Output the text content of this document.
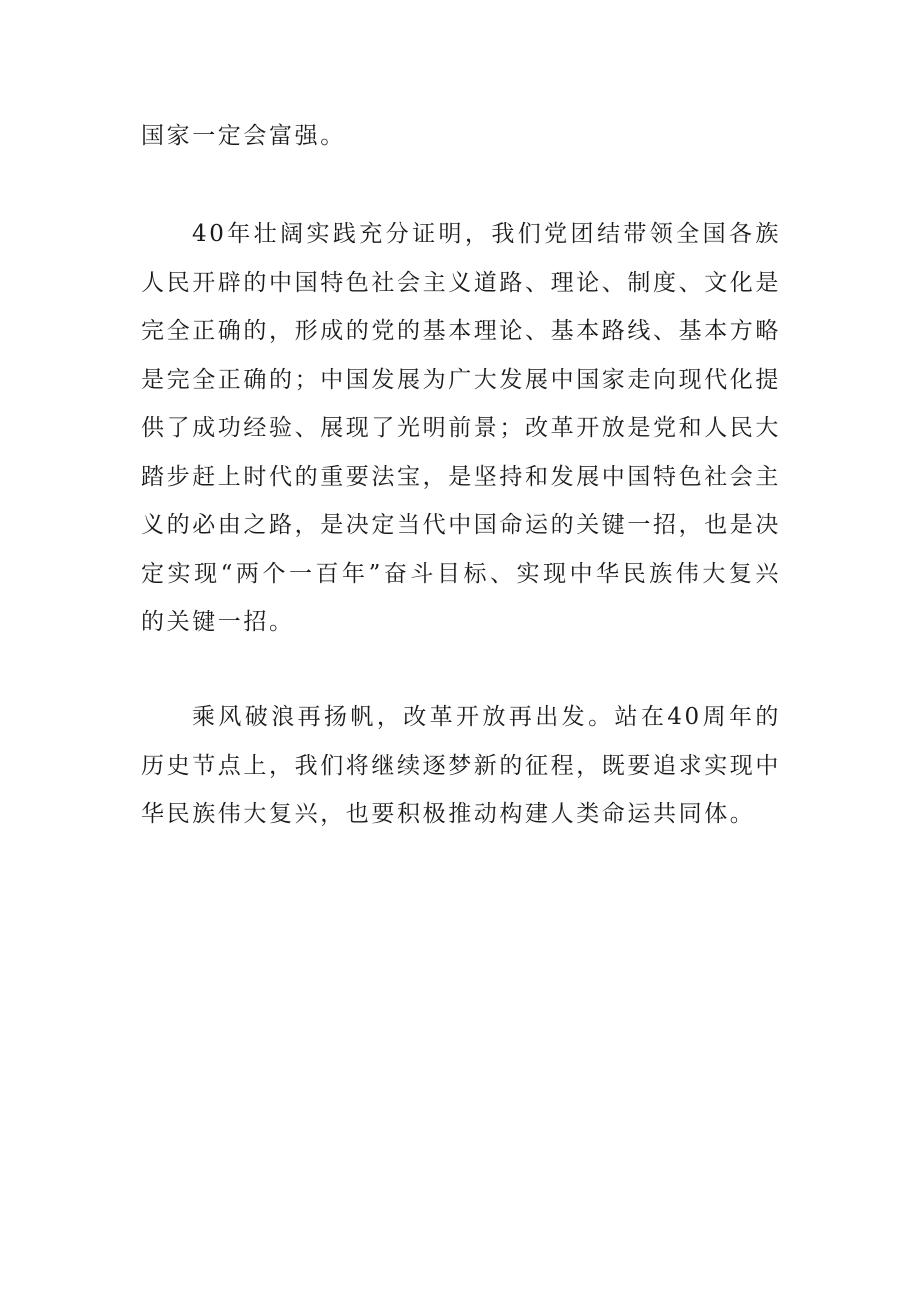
国家一定会富强。

40年壮阔实践充分证明，我们党团结带领全国各族人民开辟的中国特色社会主义道路、理论、制度、文化是完全正确的，形成的党的基本理论、基本路线、基本方略是完全正确的；中国发展为广大发展中国家走向现代化提供了成功经验、展现了光明前景；改革开放是党和人民大踏步赶上时代的重要法宝，是坚持和发展中国特色社会主义的必由之路，是决定当代中国命运的关键一招，也是决定实现“两个一百年”奋斗目标、实现中华民族伟大复兴的关键一招。

乘风破浪再扬帆，改革开放再出发。站在40周年的历史节点上，我们将继续逐梦新的征程，既要追求实现中华民族伟大复兴，也要积极推动构建人类命运共同体。
